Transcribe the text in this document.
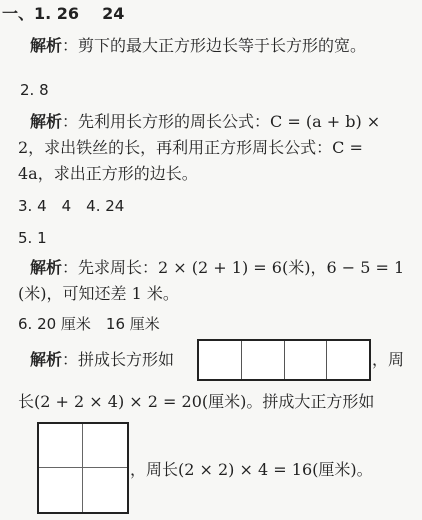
一、1. 26 24
解析：剪下的最大正方形边长等于长方形的宽。
2. 8
解析：先利用长方形的周长公式：C = (a + b) ×
2，求出铁丝的长，再利用正方形周长公式：C =
4a，求出正方形的边长。
3. 4　4　4. 24
5. 1
解析：先求周长：2 × (2 + 1) = 6(米)，6 − 5 = 1
(米)，可知还差 1 米。
6. 20 厘米　16 厘米
解析：拼成长方形如	，周
长(2 + 2 × 4) × 2 = 20(厘米)。拼成大正方形如
，周长(2 × 2) × 4 = 16(厘米)。
